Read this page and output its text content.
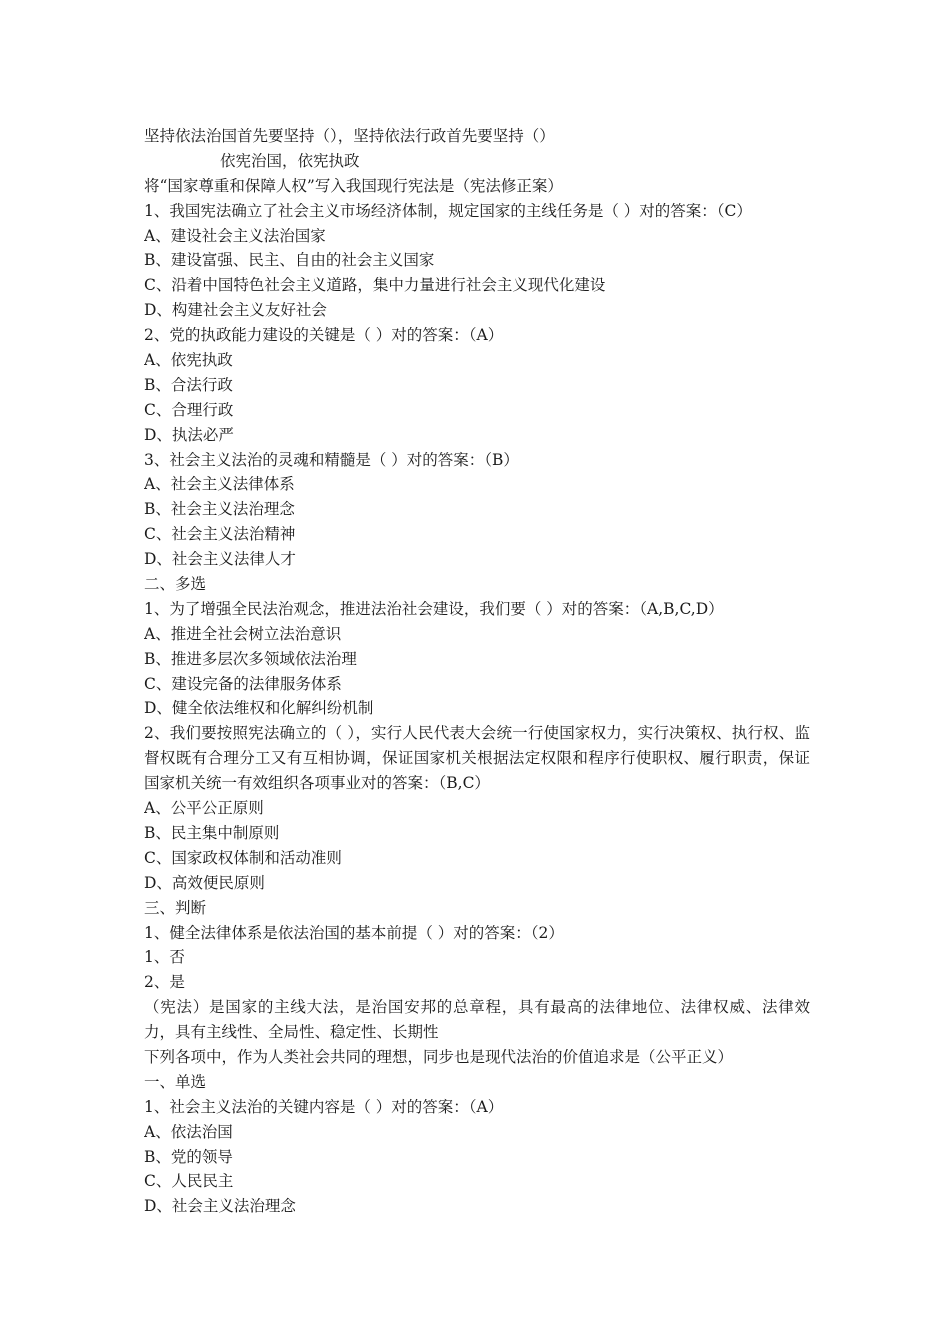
坚持依法治国首先要坚持（），坚持依法行政首先要坚持（）
依宪治国，依宪执政
将“国家尊重和保障人权”写入我国现行宪法是（宪法修正案）
1、我国宪法确立了社会主义市场经济体制，规定国家的主线任务是（ ）对的答案：（C）
A、建设社会主义法治国家
B、建设富强、民主、自由的社会主义国家
C、沿着中国特色社会主义道路，集中力量进行社会主义现代化建设
D、构建社会主义友好社会
2、党的执政能力建设的关键是（ ）对的答案：（A）
A、依宪执政
B、合法行政
C、合理行政
D、执法必严
3、社会主义法治的灵魂和精髓是（ ）对的答案：（B）
A、社会主义法律体系
B、社会主义法治理念
C、社会主义法治精神
D、社会主义法律人才
二、多选
1、为了增强全民法治观念，推进法治社会建设，我们要（ ）对的答案：（A,B,C,D）
A、推进全社会树立法治意识
B、推进多层次多领域依法治理
C、建设完备的法律服务体系
D、健全依法维权和化解纠纷机制
2、我们要按照宪法确立的（ ），实行人民代表大会统一行使国家权力，实行决策权、执行权、监督权既有合理分工又有互相协调，保证国家机关根据法定权限和程序行使职权、履行职责，保证国家机关统一有效组织各项事业对的答案：（B,C）
A、公平公正原则
B、民主集中制原则
C、国家政权体制和活动准则
D、高效便民原则
三、判断
1、健全法律体系是依法治国的基本前提（ ）对的答案：（2）
1、否
2、是
（宪法）是国家的主线大法，是治国安邦的总章程，具有最高的法律地位、法律权威、法律效力，具有主线性、全局性、稳定性、长期性
下列各项中，作为人类社会共同的理想，同步也是现代法治的价值追求是（公平正义）
一、单选
1、社会主义法治的关键内容是（ ）对的答案：（A）
A、依法治国
B、党的领导
C、人民民主
D、社会主义法治理念
